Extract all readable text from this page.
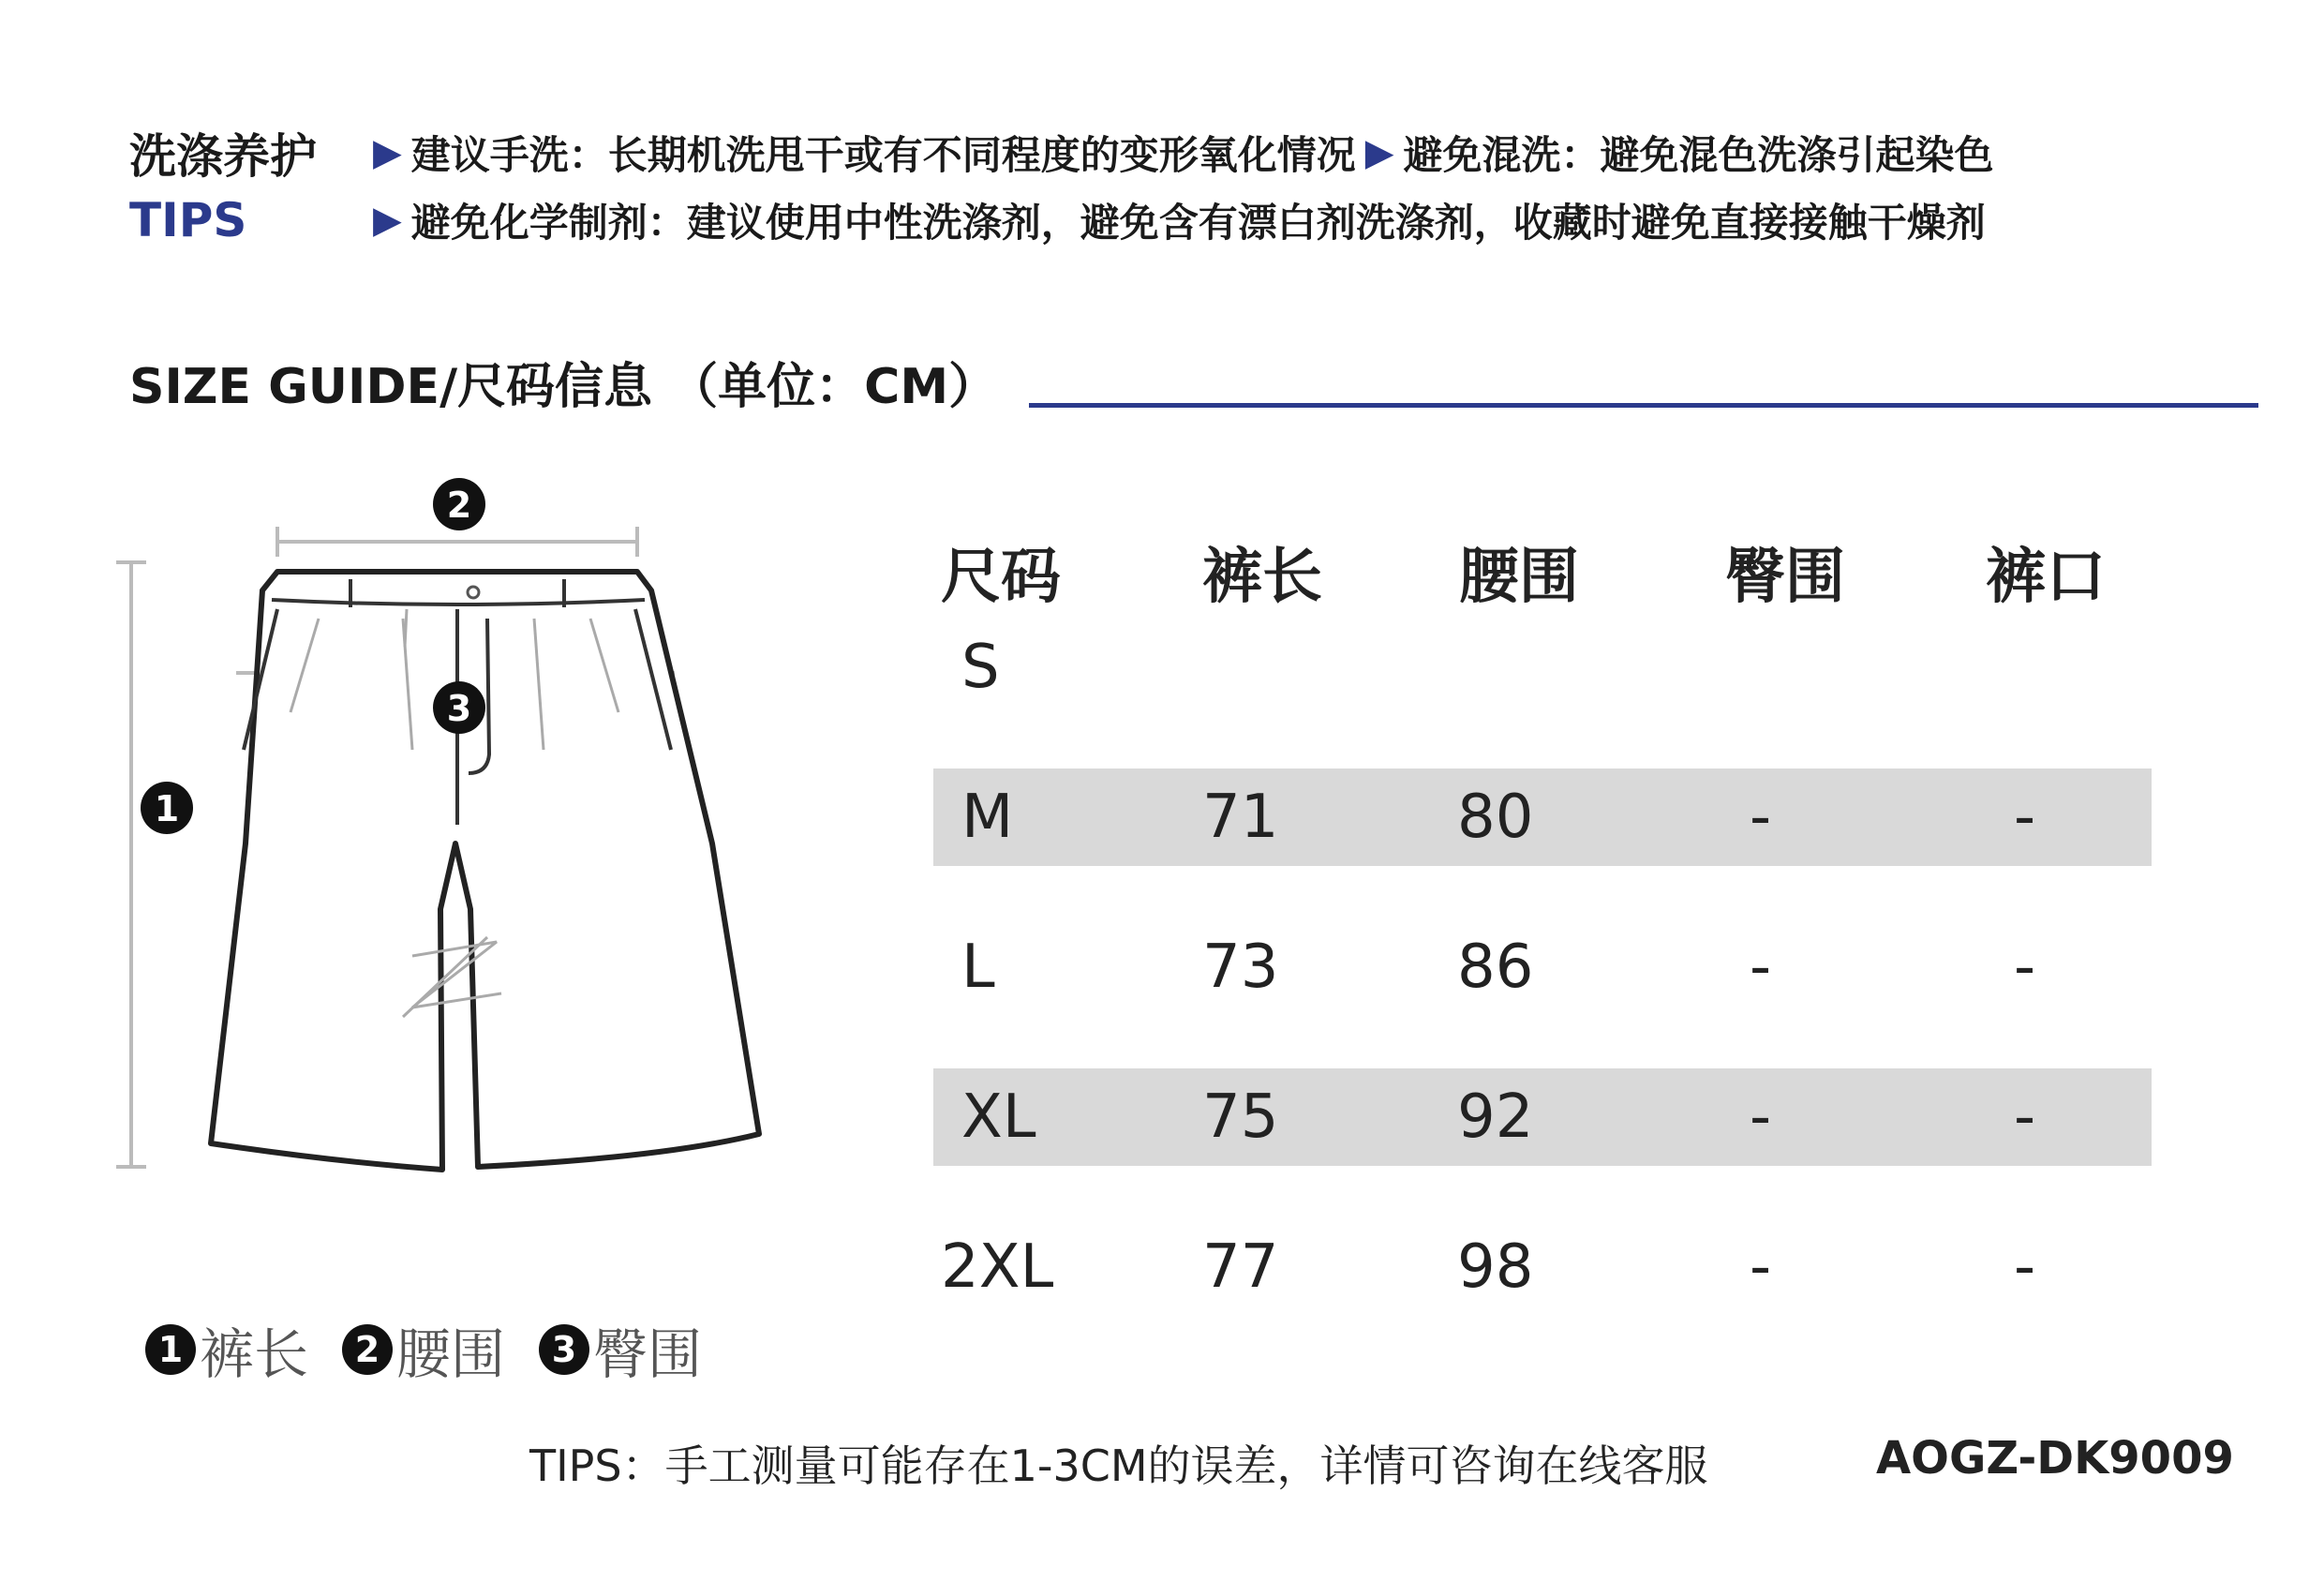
洗涤养护	▶ 建议手洗：长期机洗甩干或有不同程度的变形氧化情况 ▶ 避免混洗：避免混色洗涤引起染色
TIPS	▶ 避免化学制剂：建议使用中性洗涤剂，避免含有漂白剂洗涤剂，收藏时避免直接接触干燥剂
SIZE GUIDE/尺码信息 （单位：CM）
2
3
1
1 裤长	2 腰围	3 臀围
尺码	裤长	腰围	臀围	裤口
S
M	71	80	-	-
L	73	86	-	-
XL	75	92	-	-
2XL	77	98	-	-
TIPS：手工测量可能存在1-3CM的误差，详情可咨询在线客服	AOGZ-DK9009
